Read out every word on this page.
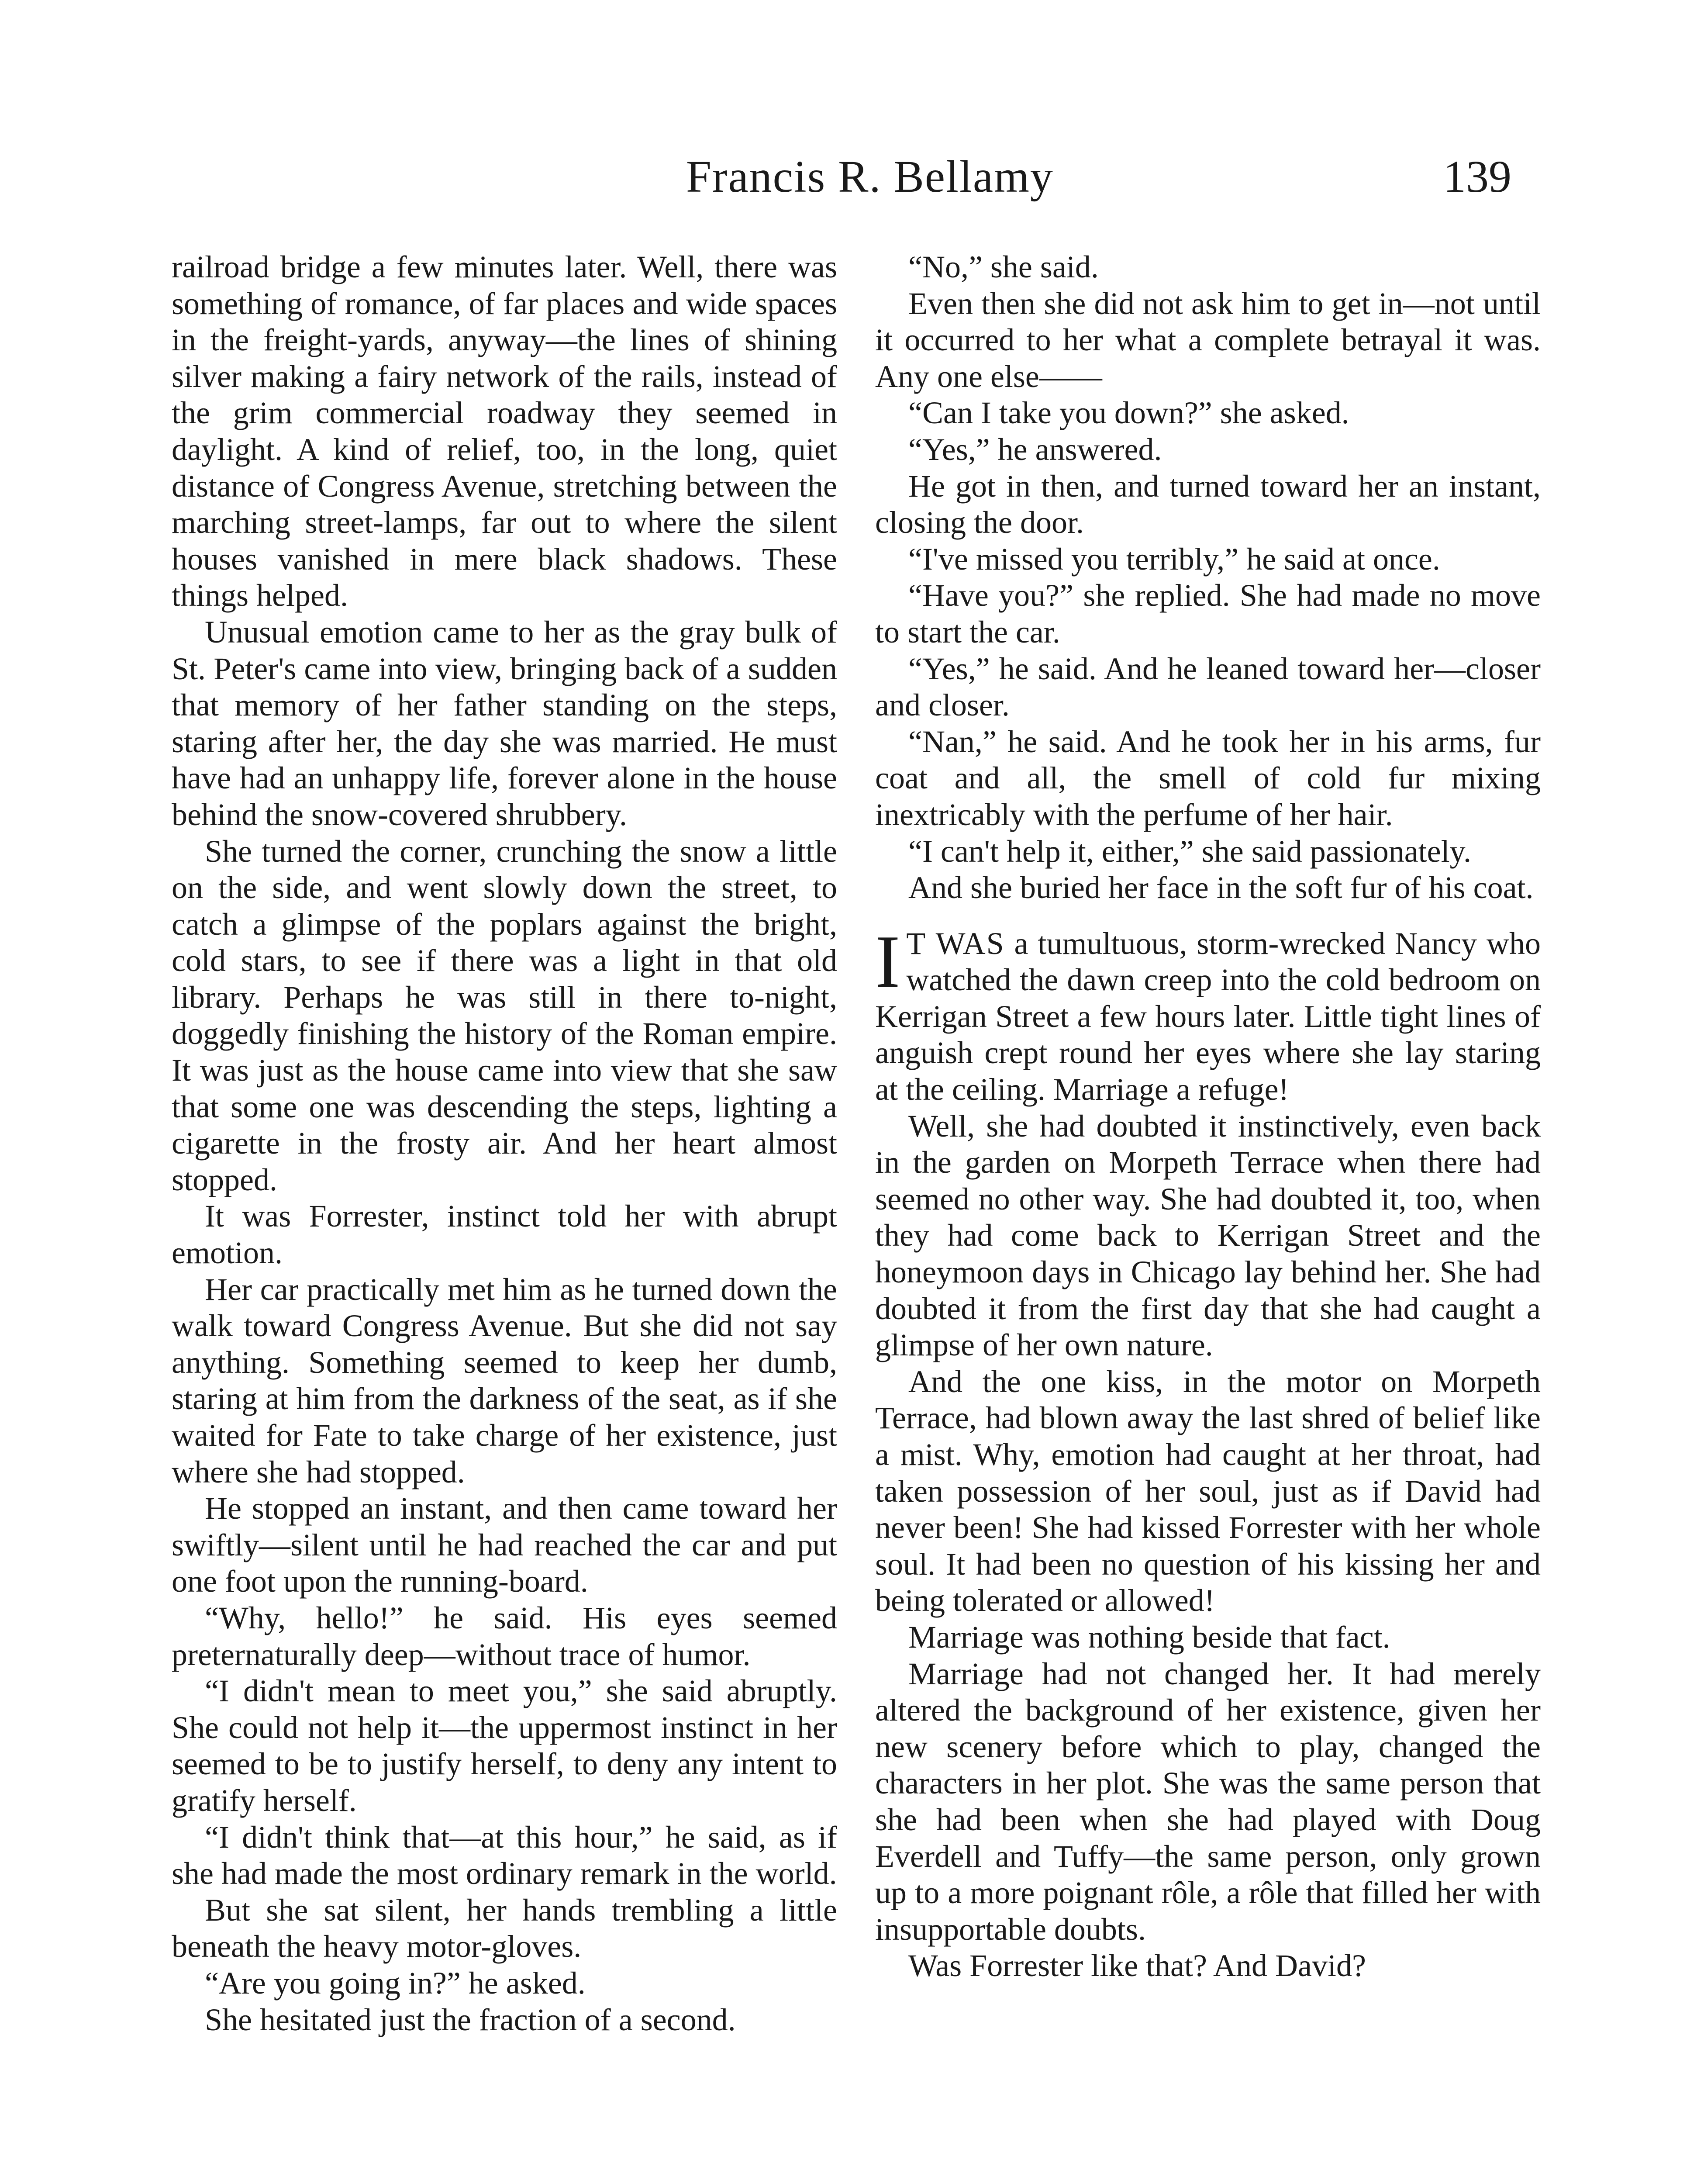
Francis R. Bellamy	139

railroad bridge a few minutes later. Well, there was something of romance, of far places and wide spaces in the freight-yards, anyway—the lines of shining silver making a fairy network of the rails, instead of the grim commercial roadway they seemed in daylight. A kind of relief, too, in the long, quiet distance of Congress Avenue, stretching between the marching street-lamps, far out to where the silent houses vanished in mere black shadows. These things helped.

Unusual emotion came to her as the gray bulk of St. Peter's came into view, bringing back of a sudden that memory of her father standing on the steps, staring after her, the day she was married. He must have had an unhappy life, forever alone in the house behind the snow-covered shrubbery.

She turned the corner, crunching the snow a little on the side, and went slowly down the street, to catch a glimpse of the poplars against the bright, cold stars, to see if there was a light in that old library. Perhaps he was still in there to-night, doggedly finishing the history of the Roman empire. It was just as the house came into view that she saw that some one was descending the steps, lighting a cigarette in the frosty air. And her heart almost stopped.

It was Forrester, instinct told her with abrupt emotion.

Her car practically met him as he turned down the walk toward Congress Avenue. But she did not say anything. Something seemed to keep her dumb, staring at him from the darkness of the seat, as if she waited for Fate to take charge of her existence, just where she had stopped.

He stopped an instant, and then came toward her swiftly—silent until he had reached the car and put one foot upon the running-board.

“Why, hello!” he said. His eyes seemed preternaturally deep—without trace of humor.

“I didn't mean to meet you,” she said abruptly. She could not help it—the uppermost instinct in her seemed to be to justify herself, to deny any intent to gratify herself.

“I didn't think that—at this hour,” he said, as if she had made the most ordinary remark in the world.

But she sat silent, her hands trembling a little beneath the heavy motor-gloves.

“Are you going in?” he asked.

She hesitated just the fraction of a second.

“No,” she said.

Even then she did not ask him to get in—not until it occurred to her what a complete betrayal it was. Any one else——

“Can I take you down?” she asked.

“Yes,” he answered.

He got in then, and turned toward her an instant, closing the door.

“I've missed you terribly,” he said at once.

“Have you?” she replied. She had made no move to start the car.

“Yes,” he said. And he leaned toward her—closer and closer.

“Nan,” he said. And he took her in his arms, fur coat and all, the smell of cold fur mixing inextricably with the perfume of her hair.

“I can't help it, either,” she said passionately.

And she buried her face in the soft fur of his coat.

I T WAS a tumultuous, storm-wrecked Nancy who watched the dawn creep into the cold bedroom on Kerrigan Street a few hours later. Little tight lines of anguish crept round her eyes where she lay staring at the ceiling. Marriage a refuge!

Well, she had doubted it instinctively, even back in the garden on Morpeth Terrace when there had seemed no other way. She had doubted it, too, when they had come back to Kerrigan Street and the honeymoon days in Chicago lay behind her. She had doubted it from the first day that she had caught a glimpse of her own nature.

And the one kiss, in the motor on Morpeth Terrace, had blown away the last shred of belief like a mist. Why, emotion had caught at her throat, had taken possession of her soul, just as if David had never been! She had kissed Forrester with her whole soul. It had been no question of his kissing her and being tolerated or allowed!

Marriage was nothing beside that fact.

Marriage had not changed her. It had merely altered the background of her existence, given her new scenery before which to play, changed the characters in her plot. She was the same person that she had been when she had played with Doug Everdell and Tuffy—the same person, only grown up to a more poignant rôle, a rôle that filled her with insupportable doubts.

Was Forrester like that? And David?
